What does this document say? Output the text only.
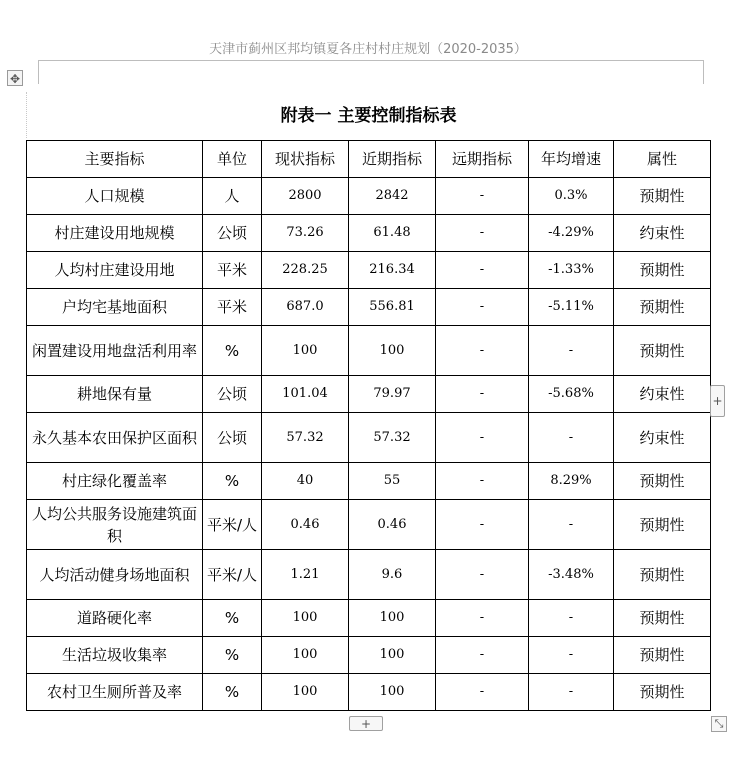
天津市蓟州区邦均镇夏各庄村村庄规划（2020-2035）
✥
附表一 主要控制指标表						
主要指标	单位	现状指标	近期指标	远期指标	年均增速	属性
人口规模	人	2800	2842	-	0.3%	预期性
村庄建设用地规模	公顷	73.26	61.48	-	-4.29%	约束性
人均村庄建设用地	平米	228.25	216.34	-	-1.33%	预期性
户均宅基地面积	平米	687.0	556.81	-	-5.11%	预期性
闲置建设用地盘活利用率	%	100	100	-	-	预期性
耕地保有量	公顷	101.04	79.97	-	-5.68%	约束性
永久基本农田保护区面积	公顷	57.32	57.32	-	-	约束性
村庄绿化覆盖率	%	40	55	-	8.29%	预期性
人均公共服务设施建筑面积	平米/人	0.46	0.46	-	-	预期性
人均活动健身场地面积	平米/人	1.21	9.6	-	-3.48%	预期性
道路硬化率	%	100	100	-	-	预期性
生活垃圾收集率	%	100	100	-	-	预期性
农村卫生厕所普及率	%	100	100	-	-	预期性
+
+	⤡
